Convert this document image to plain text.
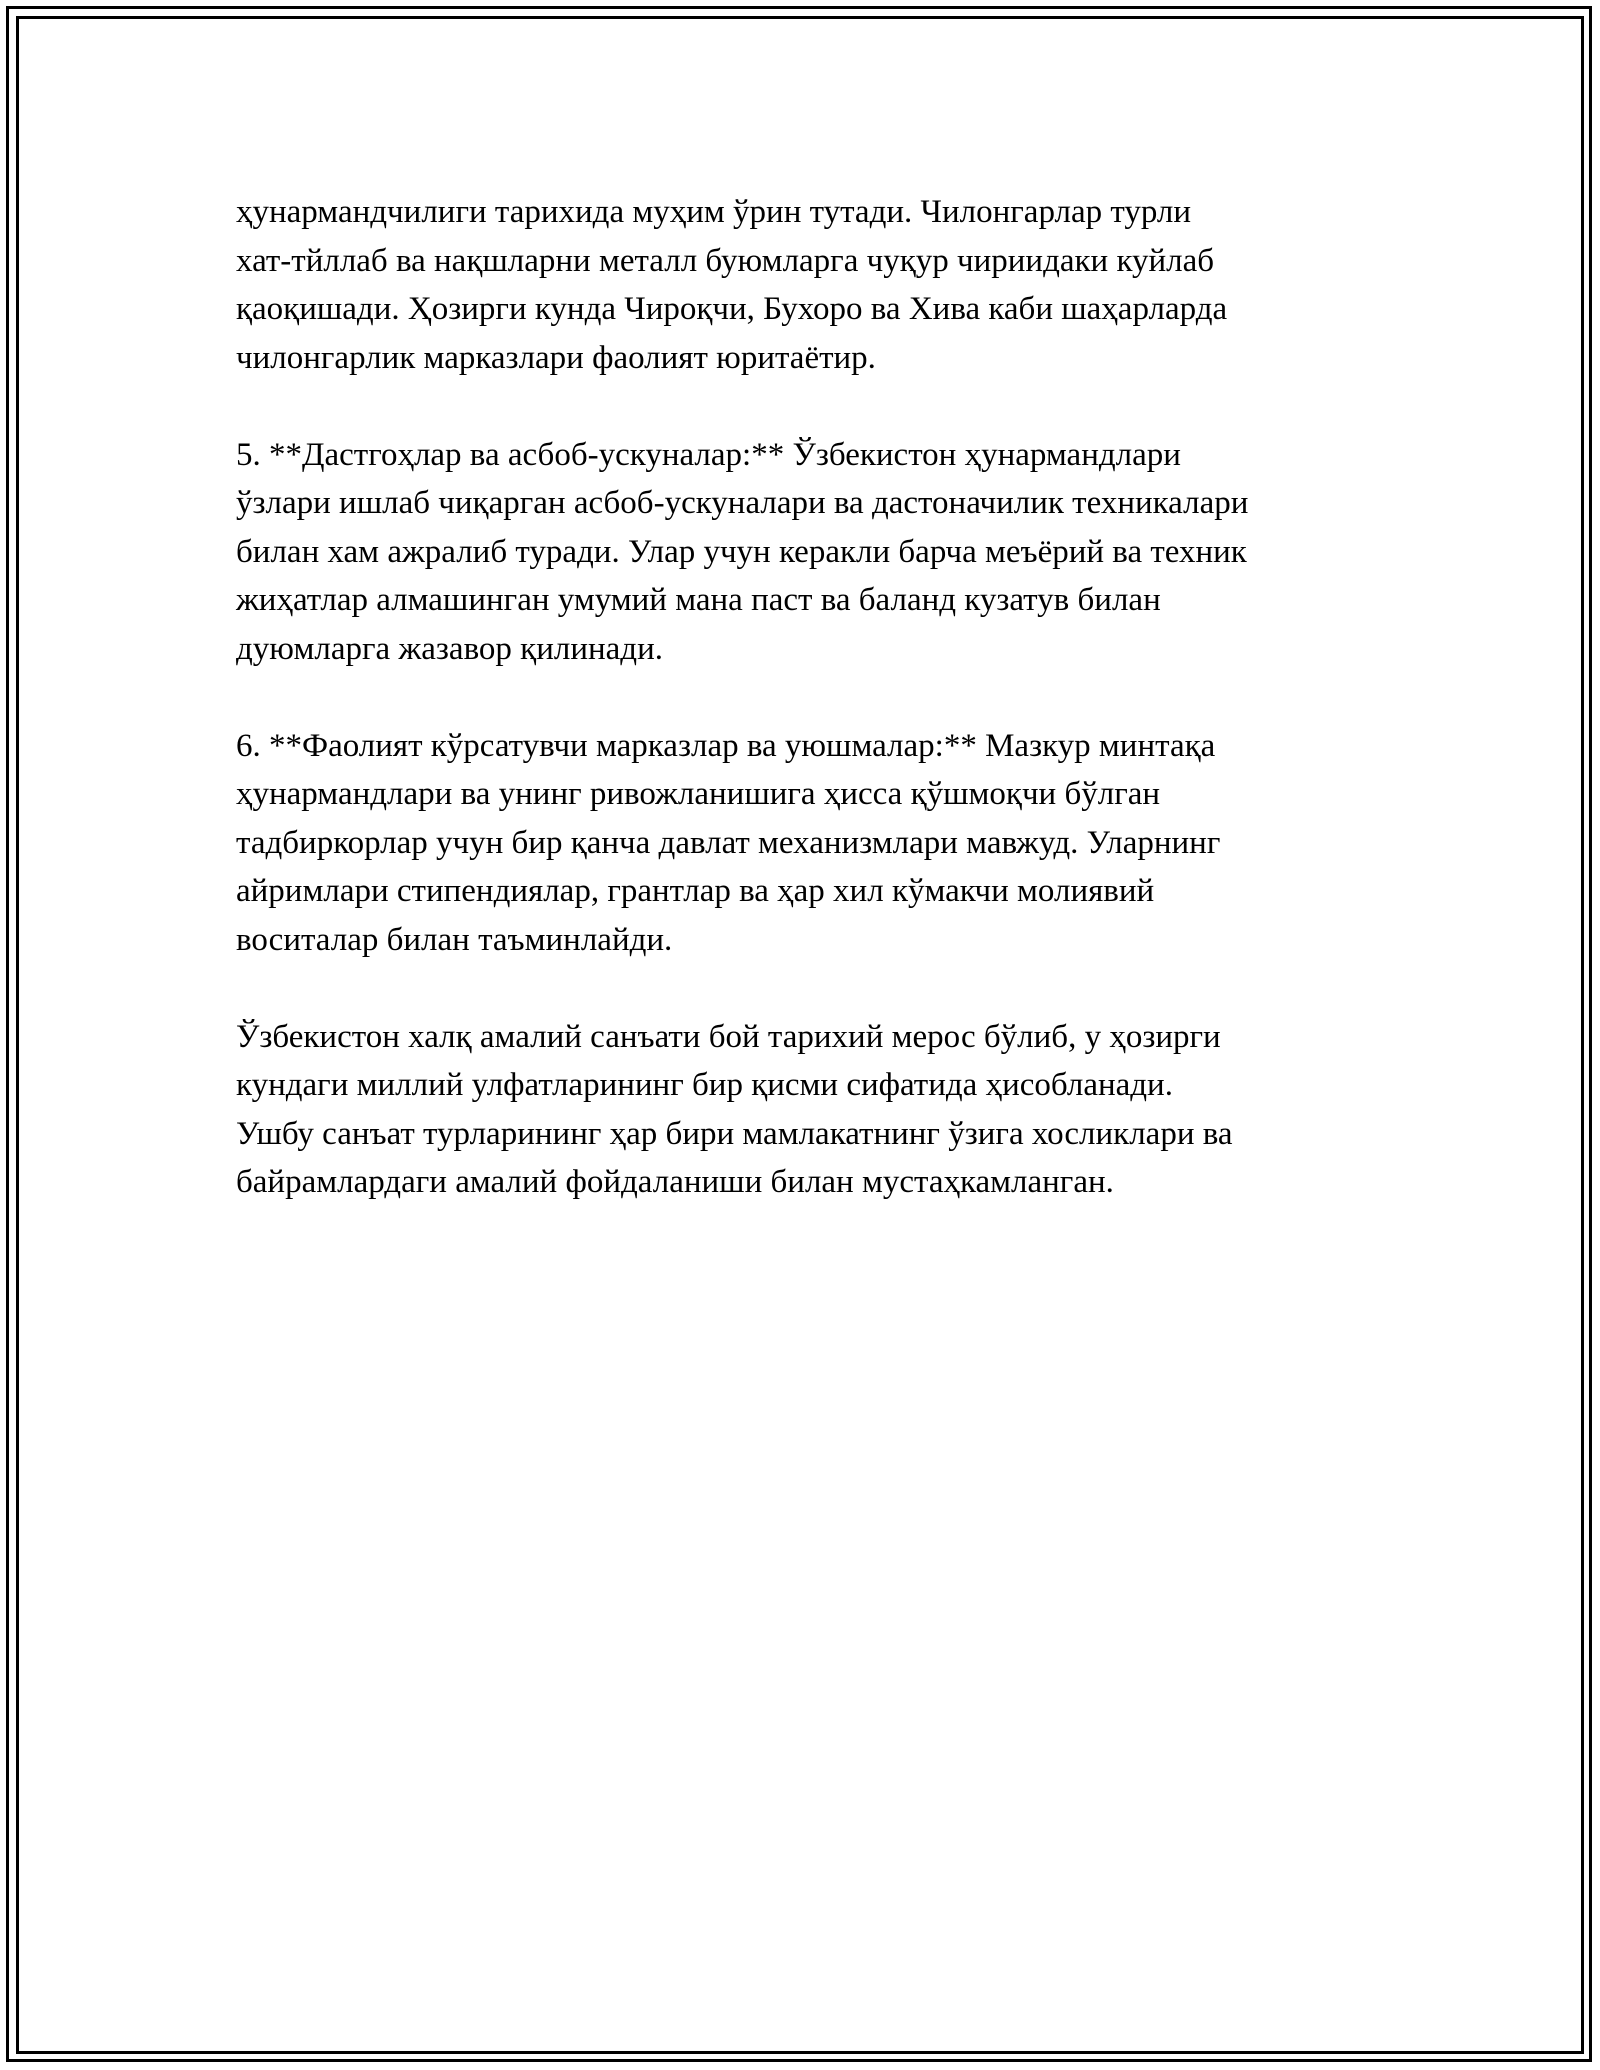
ҳунармандчилиги тарихида муҳим ўрин тутади. Чилонгарлар турли
хат-тйллаб ва нақшларни металл буюмларга чуқур чириидаки куйлаб
қаоқишади. Ҳозирги кунда Чироқчи, Бухоро ва Хива каби шаҳарларда
чилонгарлик марказлари фаолият юритаётир.

5. **Дастгоҳлар ва асбоб-ускуналар:** Ўзбекистон ҳунармандлари
ўзлари ишлаб чиқарган асбоб-ускуналари ва дастоначилик техникалари
билан хам ажралиб туради. Улар учун керакли барча меъёрий ва техник
жиҳатлар алмашинган умумий мана паст ва баланд кузатув билан
дуюмларга жазавор қилинади.

6. **Фаолият кўрсатувчи марказлар ва уюшмалар:** Мазкур минтақа
ҳунармандлари ва унинг ривожланишига ҳисса қўшмоқчи бўлган
тадбиркорлар учун бир қанча давлат механизмлари мавжуд. Уларнинг
айримлари стипендиялар, грантлар ва ҳар хил кўмакчи молиявий
воситалар билан таъминлайди.

Ўзбекистон халқ амалий санъати бой тарихий мерос бўлиб, у ҳозирги
кундаги миллий улфатларининг бир қисми сифатида ҳисобланади.
Ушбу санъат турларининг ҳар бири мамлакатнинг ўзига хосликлари ва
байрамлардаги амалий фойдаланиши билан мустаҳкамланган.
